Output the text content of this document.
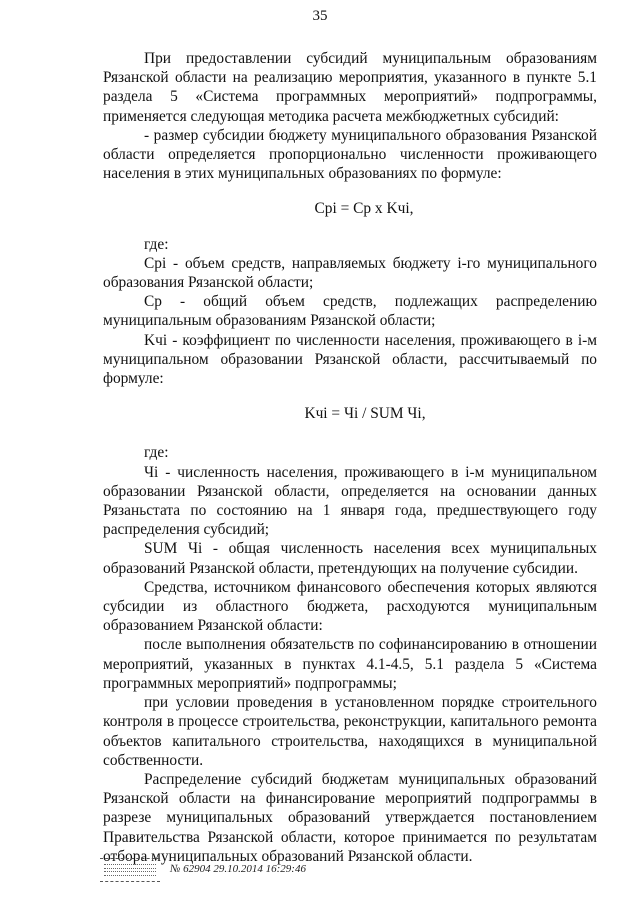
35

При предоставлении субсидий муниципальным образованиям Рязанской области на реализацию мероприятия, указанного в пункте 5.1 раздела 5 «Система программных мероприятий» подпрограммы, применяется следующая методика расчета межбюджетных субсидий:

- размер субсидии бюджету муниципального образования Рязанской области определяется пропорционально численности проживающего населения в этих муниципальных образованиях по формуле:

Cpi = Cp x Kчi,

где:

Cpi - объем средств, направляемых бюджету i-го муниципального образования Рязанской области;

Cp - общий объем средств, подлежащих распределению муниципальным образованиям Рязанской области;

Kчi - коэффициент по численности населения, проживающего в i-м муниципальном образовании Рязанской области, рассчитываемый по формуле:

Kчi = Чi / SUM Чi,

где:

Чi - численность населения, проживающего в i-м муниципальном образовании Рязанской области, определяется на основании данных Рязаньстата по состоянию на 1 января года, предшествующего году распределения субсидий;

SUM Чi - общая численность населения всех муниципальных образований Рязанской области, претендующих на получение субсидии.

Средства, источником финансового обеспечения которых являются субсидии из областного бюджета, расходуются муниципальным образованием Рязанской области:

после выполнения обязательств по софинансированию в отношении мероприятий, указанных в пунктах 4.1-4.5, 5.1 раздела 5 «Система программных мероприятий» подпрограммы;

при условии проведения в установленном порядке строительного контроля в процессе строительства, реконструкции, капитального ремонта объектов капитального строительства, находящихся в муниципальной собственности.

Распределение субсидий бюджетам муниципальных образований Рязанской области на финансирование мероприятий подпрограммы в разрезе муниципальных образований утверждается постановлением Правительства Рязанской области, которое принимается по результатам отбора муниципальных образований Рязанской области.

№ 62904 29.10.2014 16:29:46
